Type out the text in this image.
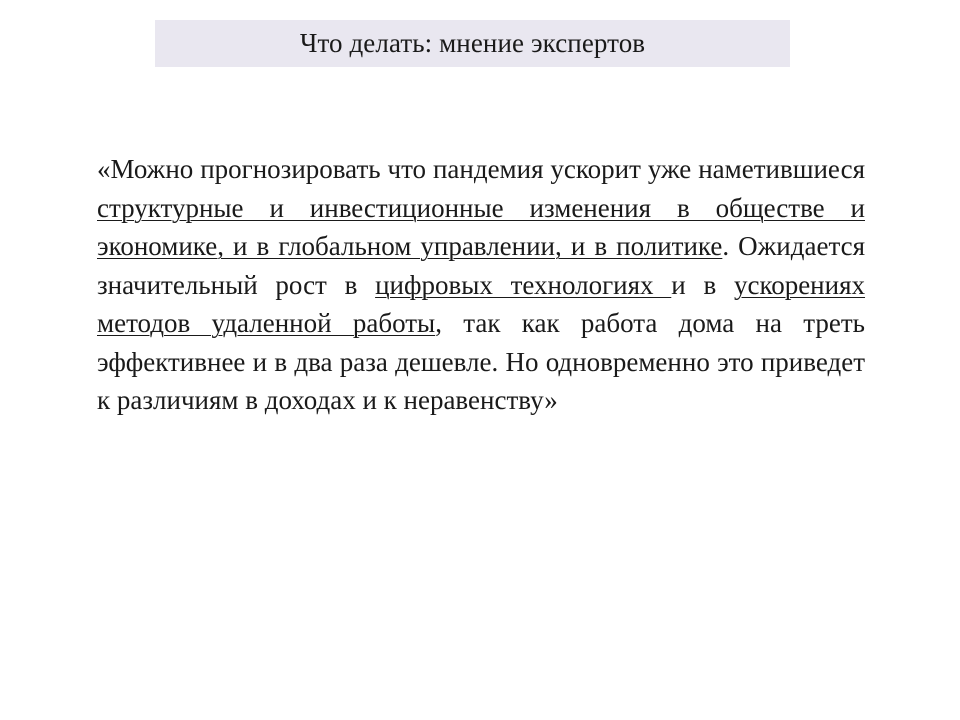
Что делать: мнение экспертов

«Можно прогнозировать что пандемия ускорит уже наметившиеся структурные и инвестиционные изменения в обществе и экономике, и в глобальном управлении, и в политике. Ожидается значительный рост в цифровых технологиях и в ускорениях методов удаленной работы, так как работа дома на треть эффективнее и в два раза дешевле. Но одновременно это приведет к различиям в доходах и к неравенству»
